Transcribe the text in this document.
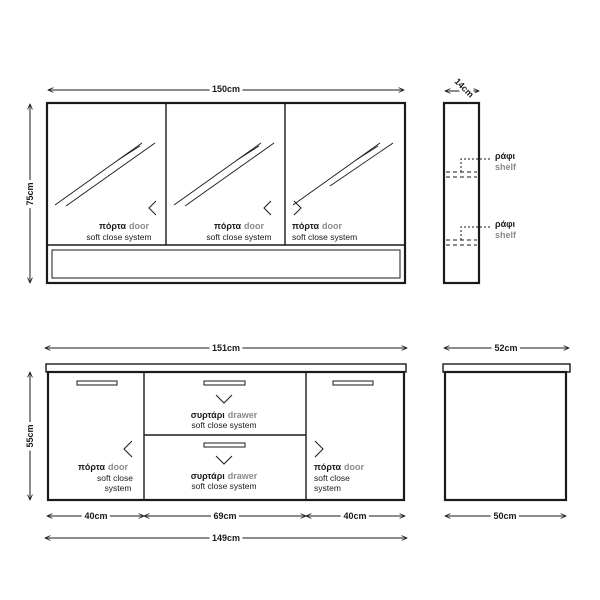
150cm
75cm
πόρτα door
soft close system
πόρτα door
soft close system
πόρτα door
soft close system
14cm
ράφι
shelf
ράφι
shelf
151cm
55cm
συρτάρι drawer
soft close system
συρτάρι drawer
soft close system
πόρτα door
soft close
system
πόρτα door
soft close
system
40cm	69cm	40cm
149cm
52cm
50cm
